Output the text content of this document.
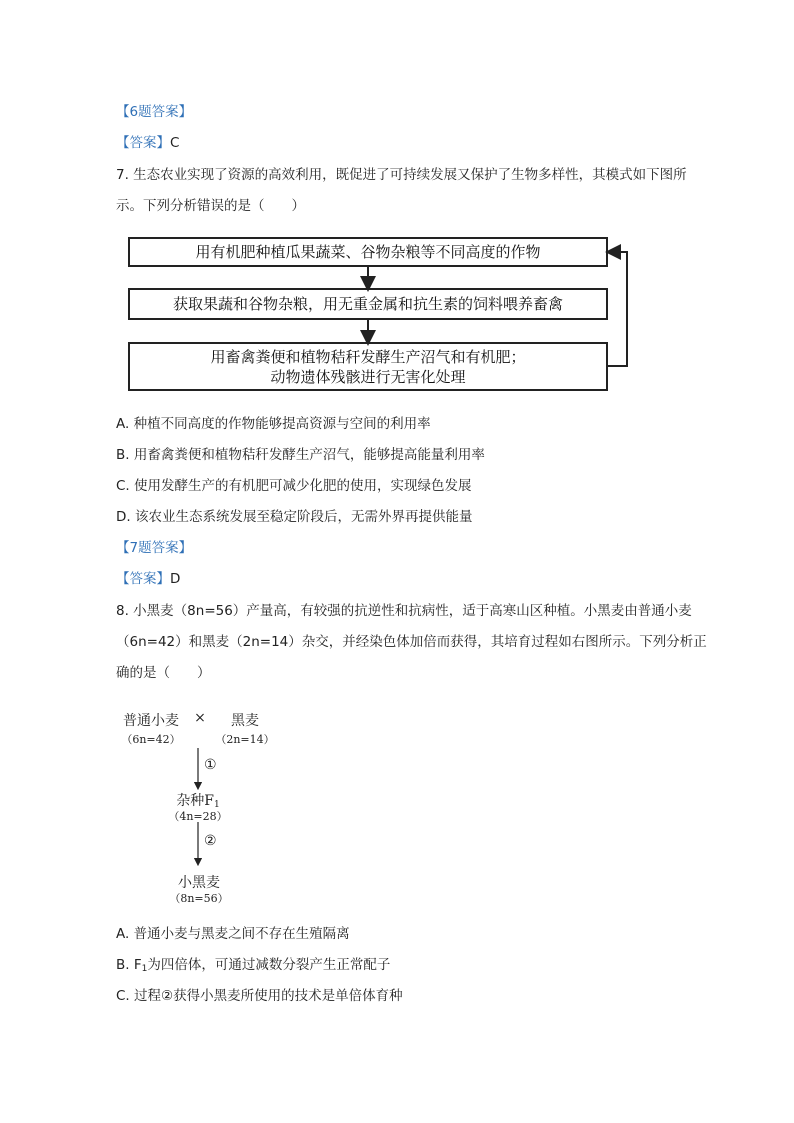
【6题答案】
【答案】C
7. 生态农业实现了资源的高效利用，既促进了可持续发展又保护了生物多样性，其模式如下图所
示。下列分析错误的是（　　）
用有机肥种植瓜果蔬菜、谷物杂粮等不同高度的作物
获取果蔬和谷物杂粮，用无重金属和抗生素的饲料喂养畜禽
用畜禽粪便和植物秸秆发酵生产沼气和有机肥；
动物遗体残骸进行无害化处理
A. 种植不同高度的作物能够提高资源与空间的利用率
B. 用畜禽粪便和植物秸秆发酵生产沼气，能够提高能量利用率
C. 使用发酵生产的有机肥可减少化肥的使用，实现绿色发展
D. 该农业生态系统发展至稳定阶段后，无需外界再提供能量
【7题答案】
【答案】D
8. 小黑麦（8n=56）产量高，有较强的抗逆性和抗病性，适于高寒山区种植。小黑麦由普通小麦
（6n=42）和黑麦（2n=14）杂交，并经染色体加倍而获得，其培育过程如右图所示。下列分析正
确的是（　　）
普通小麦
（6n=42）
×	黑麦
（2n=14）
①
杂种$F_1$
（4n=28）
②
小黑麦
（8n=56）
A. 普通小麦与黑麦之间不存在生殖隔离
B. $F_1$为四倍体，可通过减数分裂产生正常配子
C. 过程②获得小黑麦所使用的技术是单倍体育种
